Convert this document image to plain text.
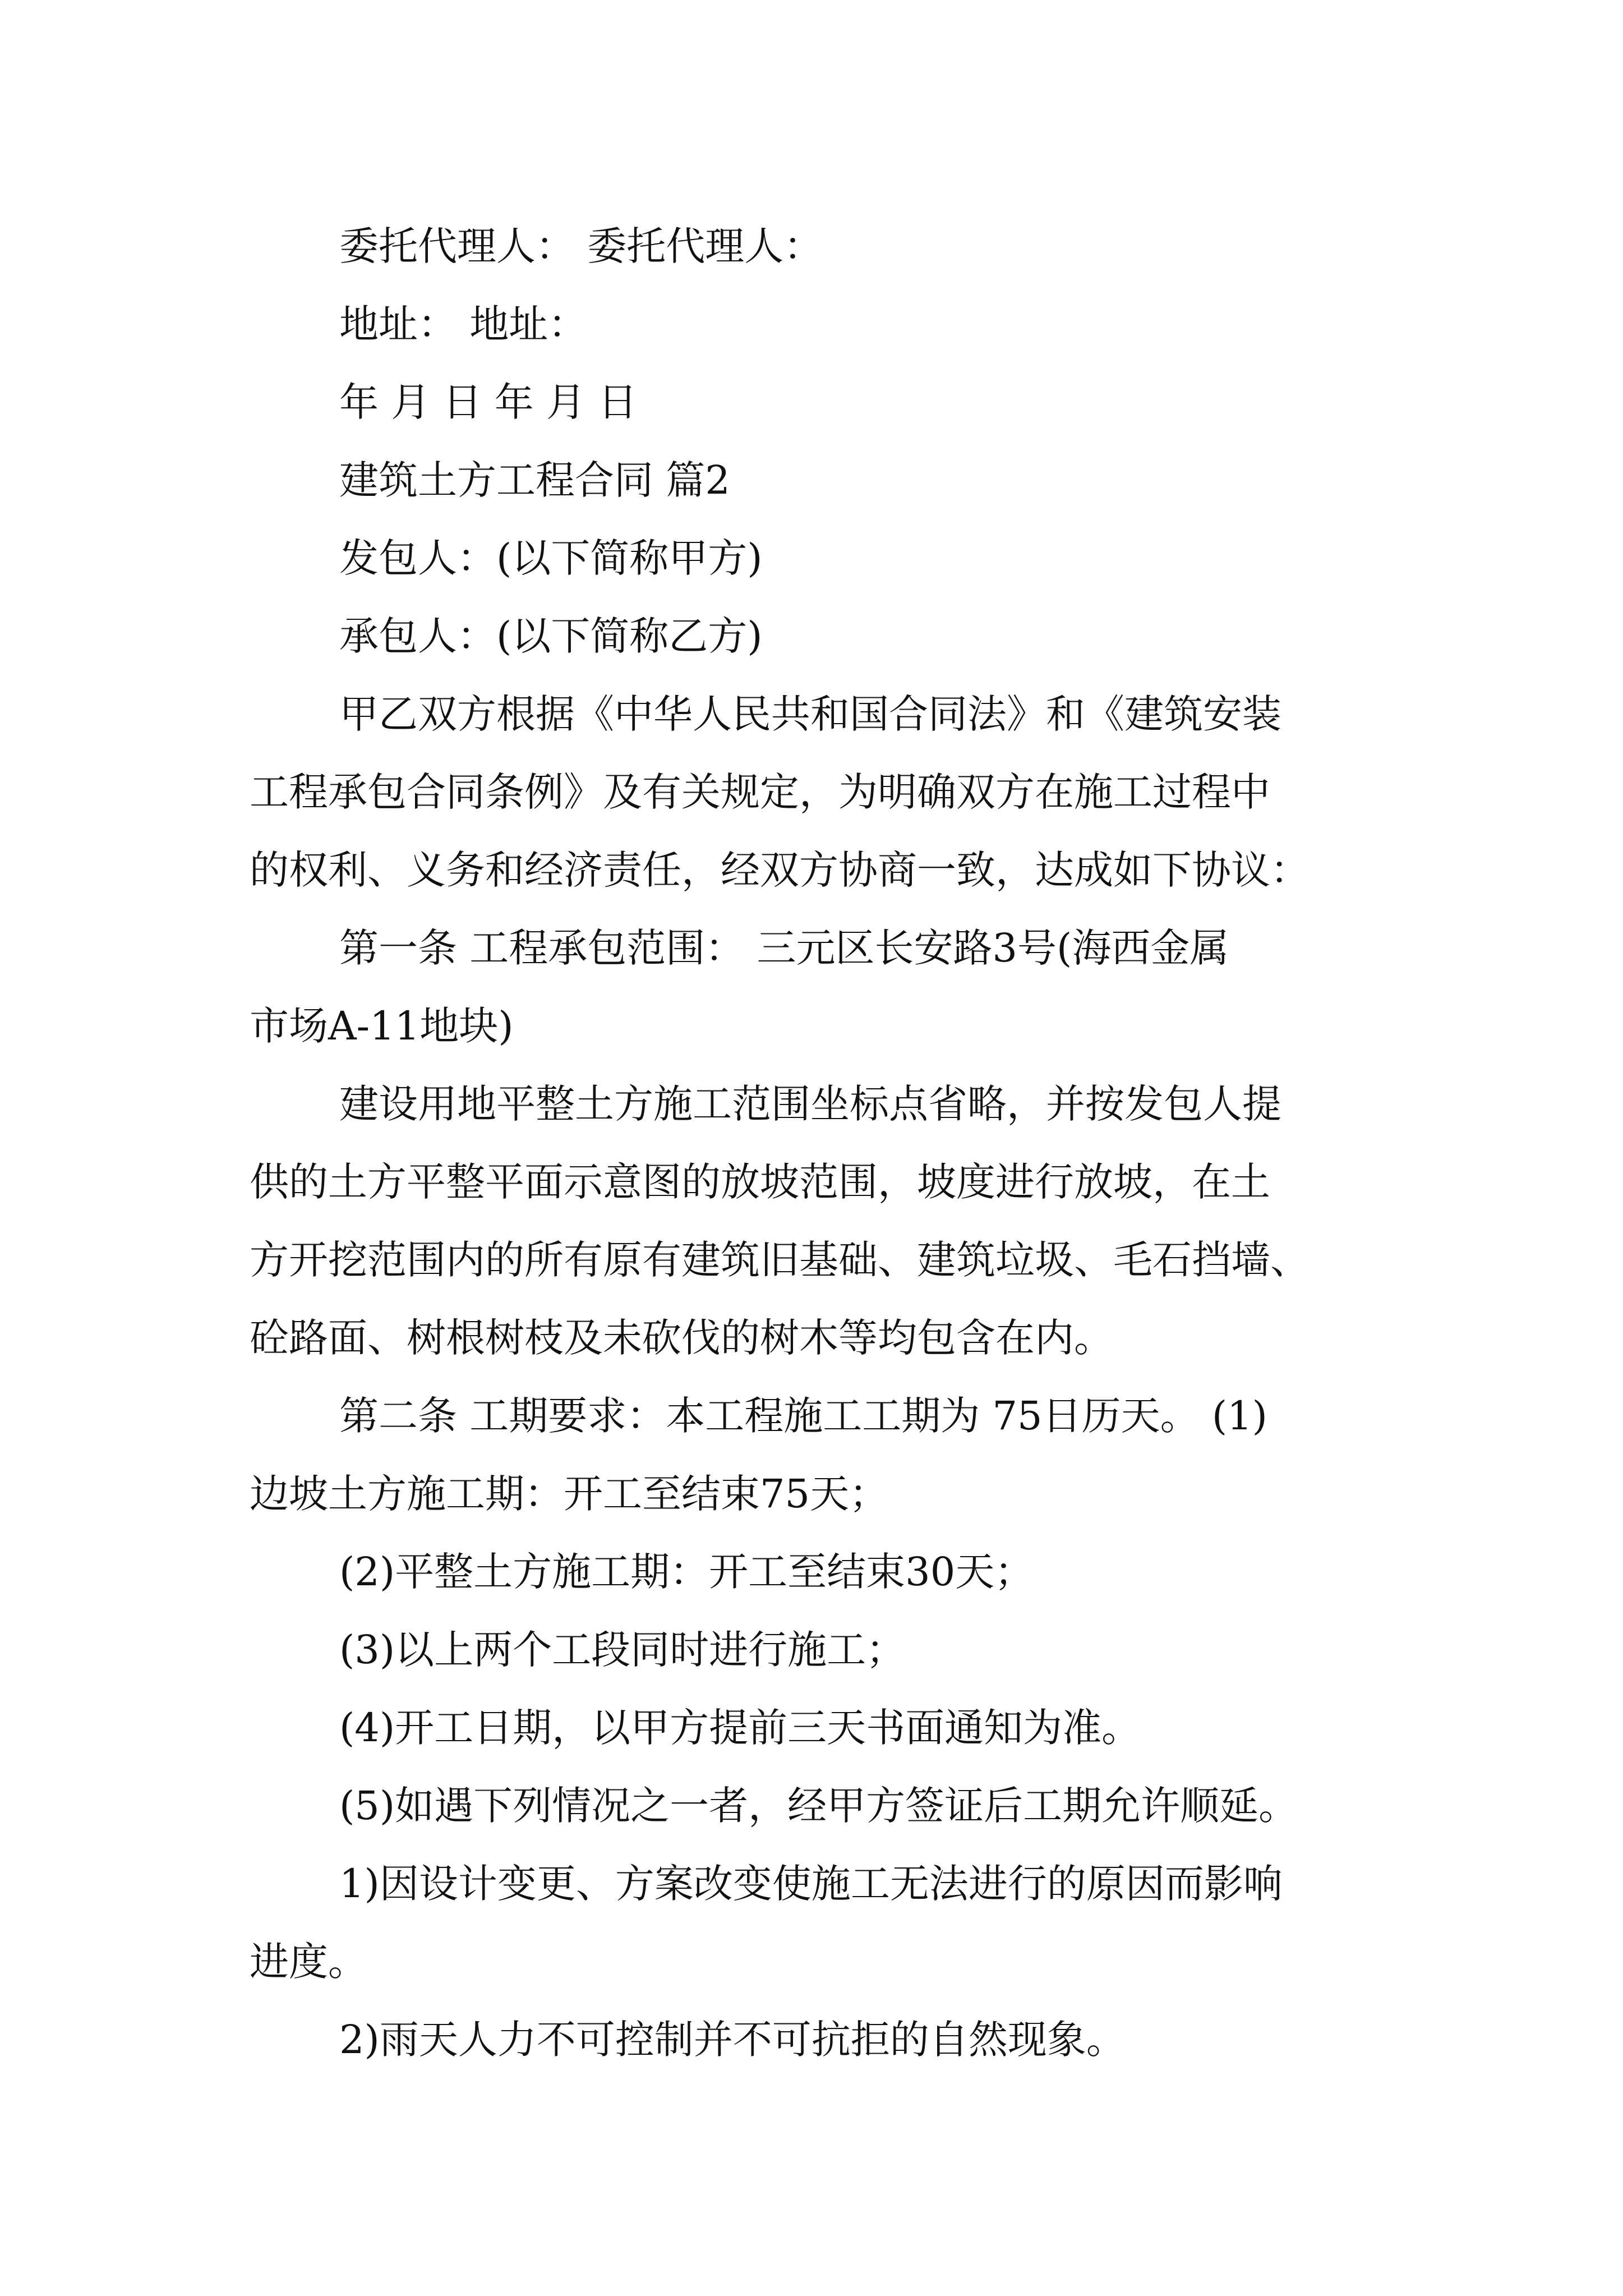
委托代理人： 委托代理人：
地址： 地址：
年 月 日 年 月 日
建筑土方工程合同 篇2
发包人：(以下简称甲方)
承包人：(以下简称乙方)
甲乙双方根据《中华人民共和国合同法》和《建筑安装
工程承包合同条例》及有关规定，为明确双方在施工过程中
的权利、义务和经济责任，经双方协商一致，达成如下协议：
第一条 工程承包范围： 三元区长安路3号(海西金属
市场A-11地块)
建设用地平整土方施工范围坐标点省略，并按发包人提
供的土方平整平面示意图的放坡范围，坡度进行放坡，在土
方开挖范围内的所有原有建筑旧基础、建筑垃圾、毛石挡墙、
砼路面、树根树枝及未砍伐的树木等均包含在内。
第二条 工期要求：本工程施工工期为 75日历天。 (1)
边坡土方施工期：开工至结束75天；
(2)平整土方施工期：开工至结束30天；
(3)以上两个工段同时进行施工；
(4)开工日期，以甲方提前三天书面通知为准。
(5)如遇下列情况之一者，经甲方签证后工期允许顺延。
1)因设计变更、方案改变使施工无法进行的原因而影响
进度。
2)雨天人力不可控制并不可抗拒的自然现象。
